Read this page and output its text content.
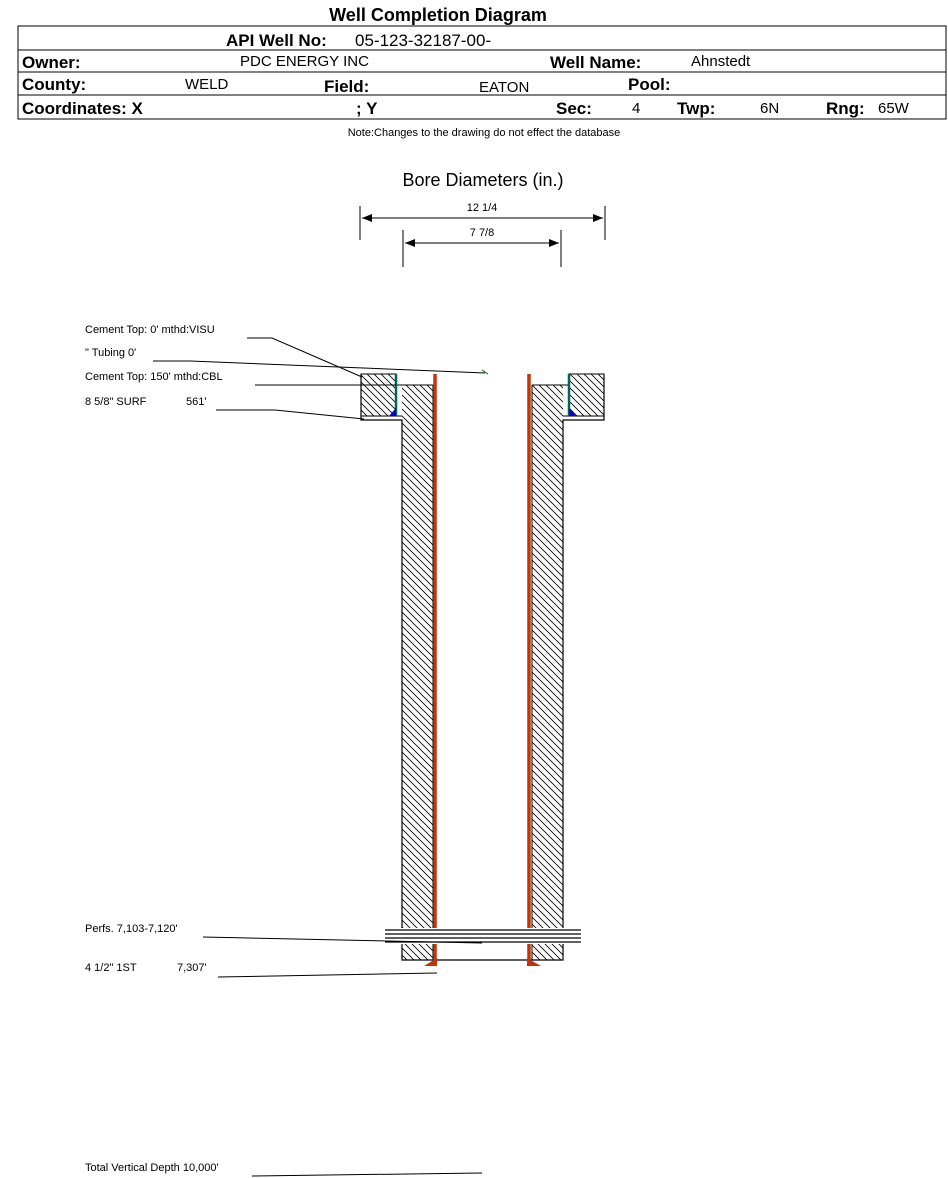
Well Completion Diagram
API Well No: 05-123-32187-00-
Owner:	PDC ENERGY INC	Well Name:	Ahnstedt
County:	WELD	Field:	EATON	Pool:
Coordinates: X	; Y	Sec:	4 Twp:	6N	Rng: 65W
Note:Changes to the drawing do not effect the database
Bore Diameters (in.)
12 1/4
7 7/8
Cement Top: 0' mthd:VISU
" Tubing 0'
Cement Top: 150' mthd:CBL
8 5/8" SURF	561'
Perfs. 7,103-7,120'
4 1/2" 1ST	7,307'
Total Vertical Depth 10,000'
